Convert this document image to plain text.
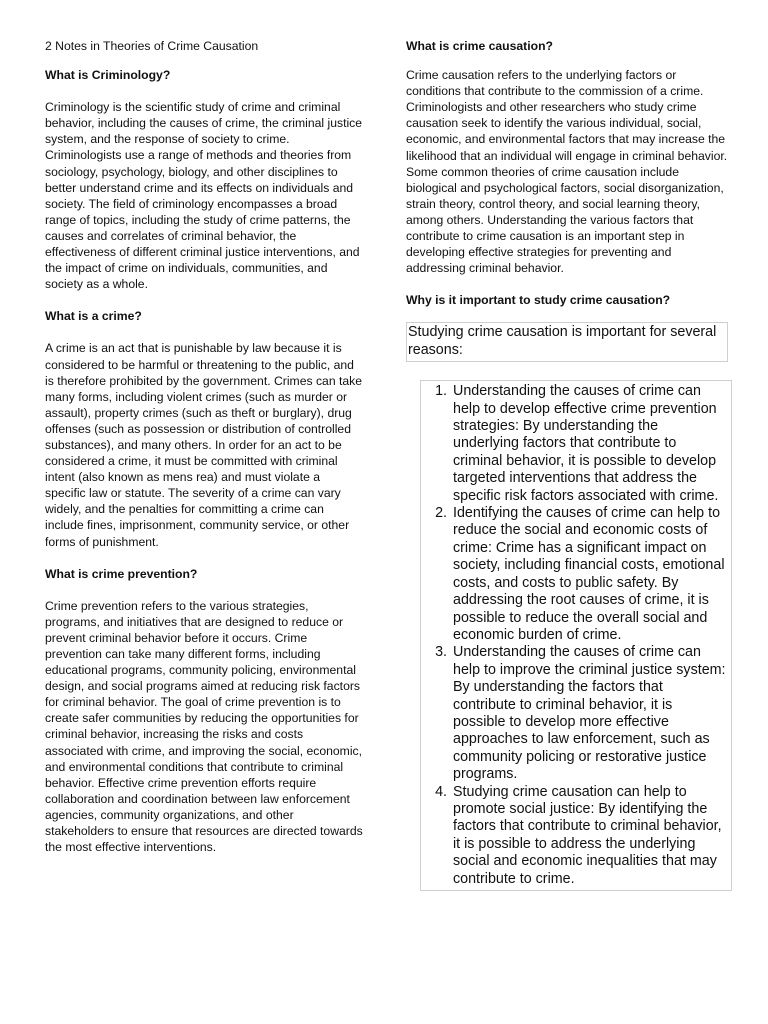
2 Notes in Theories of Crime Causation

What is Criminology?

Criminology is the scientific study of crime and criminal behavior, including the causes of crime, the criminal justice system, and the response of society to crime. Criminologists use a range of methods and theories from sociology, psychology, biology, and other disciplines to better understand crime and its effects on individuals and society. The field of criminology encompasses a broad range of topics, including the study of crime patterns, the causes and correlates of criminal behavior, the effectiveness of different criminal justice interventions, and the impact of crime on individuals, communities, and society as a whole.

What is a crime?

A crime is an act that is punishable by law because it is considered to be harmful or threatening to the public, and is therefore prohibited by the government. Crimes can take many forms, including violent crimes (such as murder or assault), property crimes (such as theft or burglary), drug offenses (such as possession or distribution of controlled substances), and many others. In order for an act to be considered a crime, it must be committed with criminal intent (also known as mens rea) and must violate a specific law or statute. The severity of a crime can vary widely, and the penalties for committing a crime can include fines, imprisonment, community service, or other forms of punishment.

What is crime prevention?

Crime prevention refers to the various strategies, programs, and initiatives that are designed to reduce or prevent criminal behavior before it occurs. Crime prevention can take many different forms, including educational programs, community policing, environmental design, and social programs aimed at reducing risk factors for criminal behavior. The goal of crime prevention is to create safer communities by reducing the opportunities for criminal behavior, increasing the risks and costs associated with crime, and improving the social, economic, and environmental conditions that contribute to criminal behavior. Effective crime prevention efforts require collaboration and coordination between law enforcement agencies, community organizations, and other stakeholders to ensure that resources are directed towards the most effective interventions.

What is crime causation?

Crime causation refers to the underlying factors or conditions that contribute to the commission of a crime. Criminologists and other researchers who study crime causation seek to identify the various individual, social, economic, and environmental factors that may increase the likelihood that an individual will engage in criminal behavior. Some common theories of crime causation include biological and psychological factors, social disorganization, strain theory, control theory, and social learning theory, among others. Understanding the various factors that contribute to crime causation is an important step in developing effective strategies for preventing and addressing criminal behavior.

Why is it important to study crime causation?

Studying crime causation is important for several reasons:
1. Understanding the causes of crime can help to develop effective crime prevention strategies: By understanding the underlying factors that contribute to criminal behavior, it is possible to develop targeted interventions that address the specific risk factors associated with crime.
2. Identifying the causes of crime can help to reduce the social and economic costs of crime: Crime has a significant impact on society, including financial costs, emotional costs, and costs to public safety. By addressing the root causes of crime, it is possible to reduce the overall social and economic burden of crime.
3. Understanding the causes of crime can help to improve the criminal justice system: By understanding the factors that contribute to criminal behavior, it is possible to develop more effective approaches to law enforcement, such as community policing or restorative justice programs.
4. Studying crime causation can help to promote social justice: By identifying the factors that contribute to criminal behavior, it is possible to address the underlying social and economic inequalities that may contribute to crime.
